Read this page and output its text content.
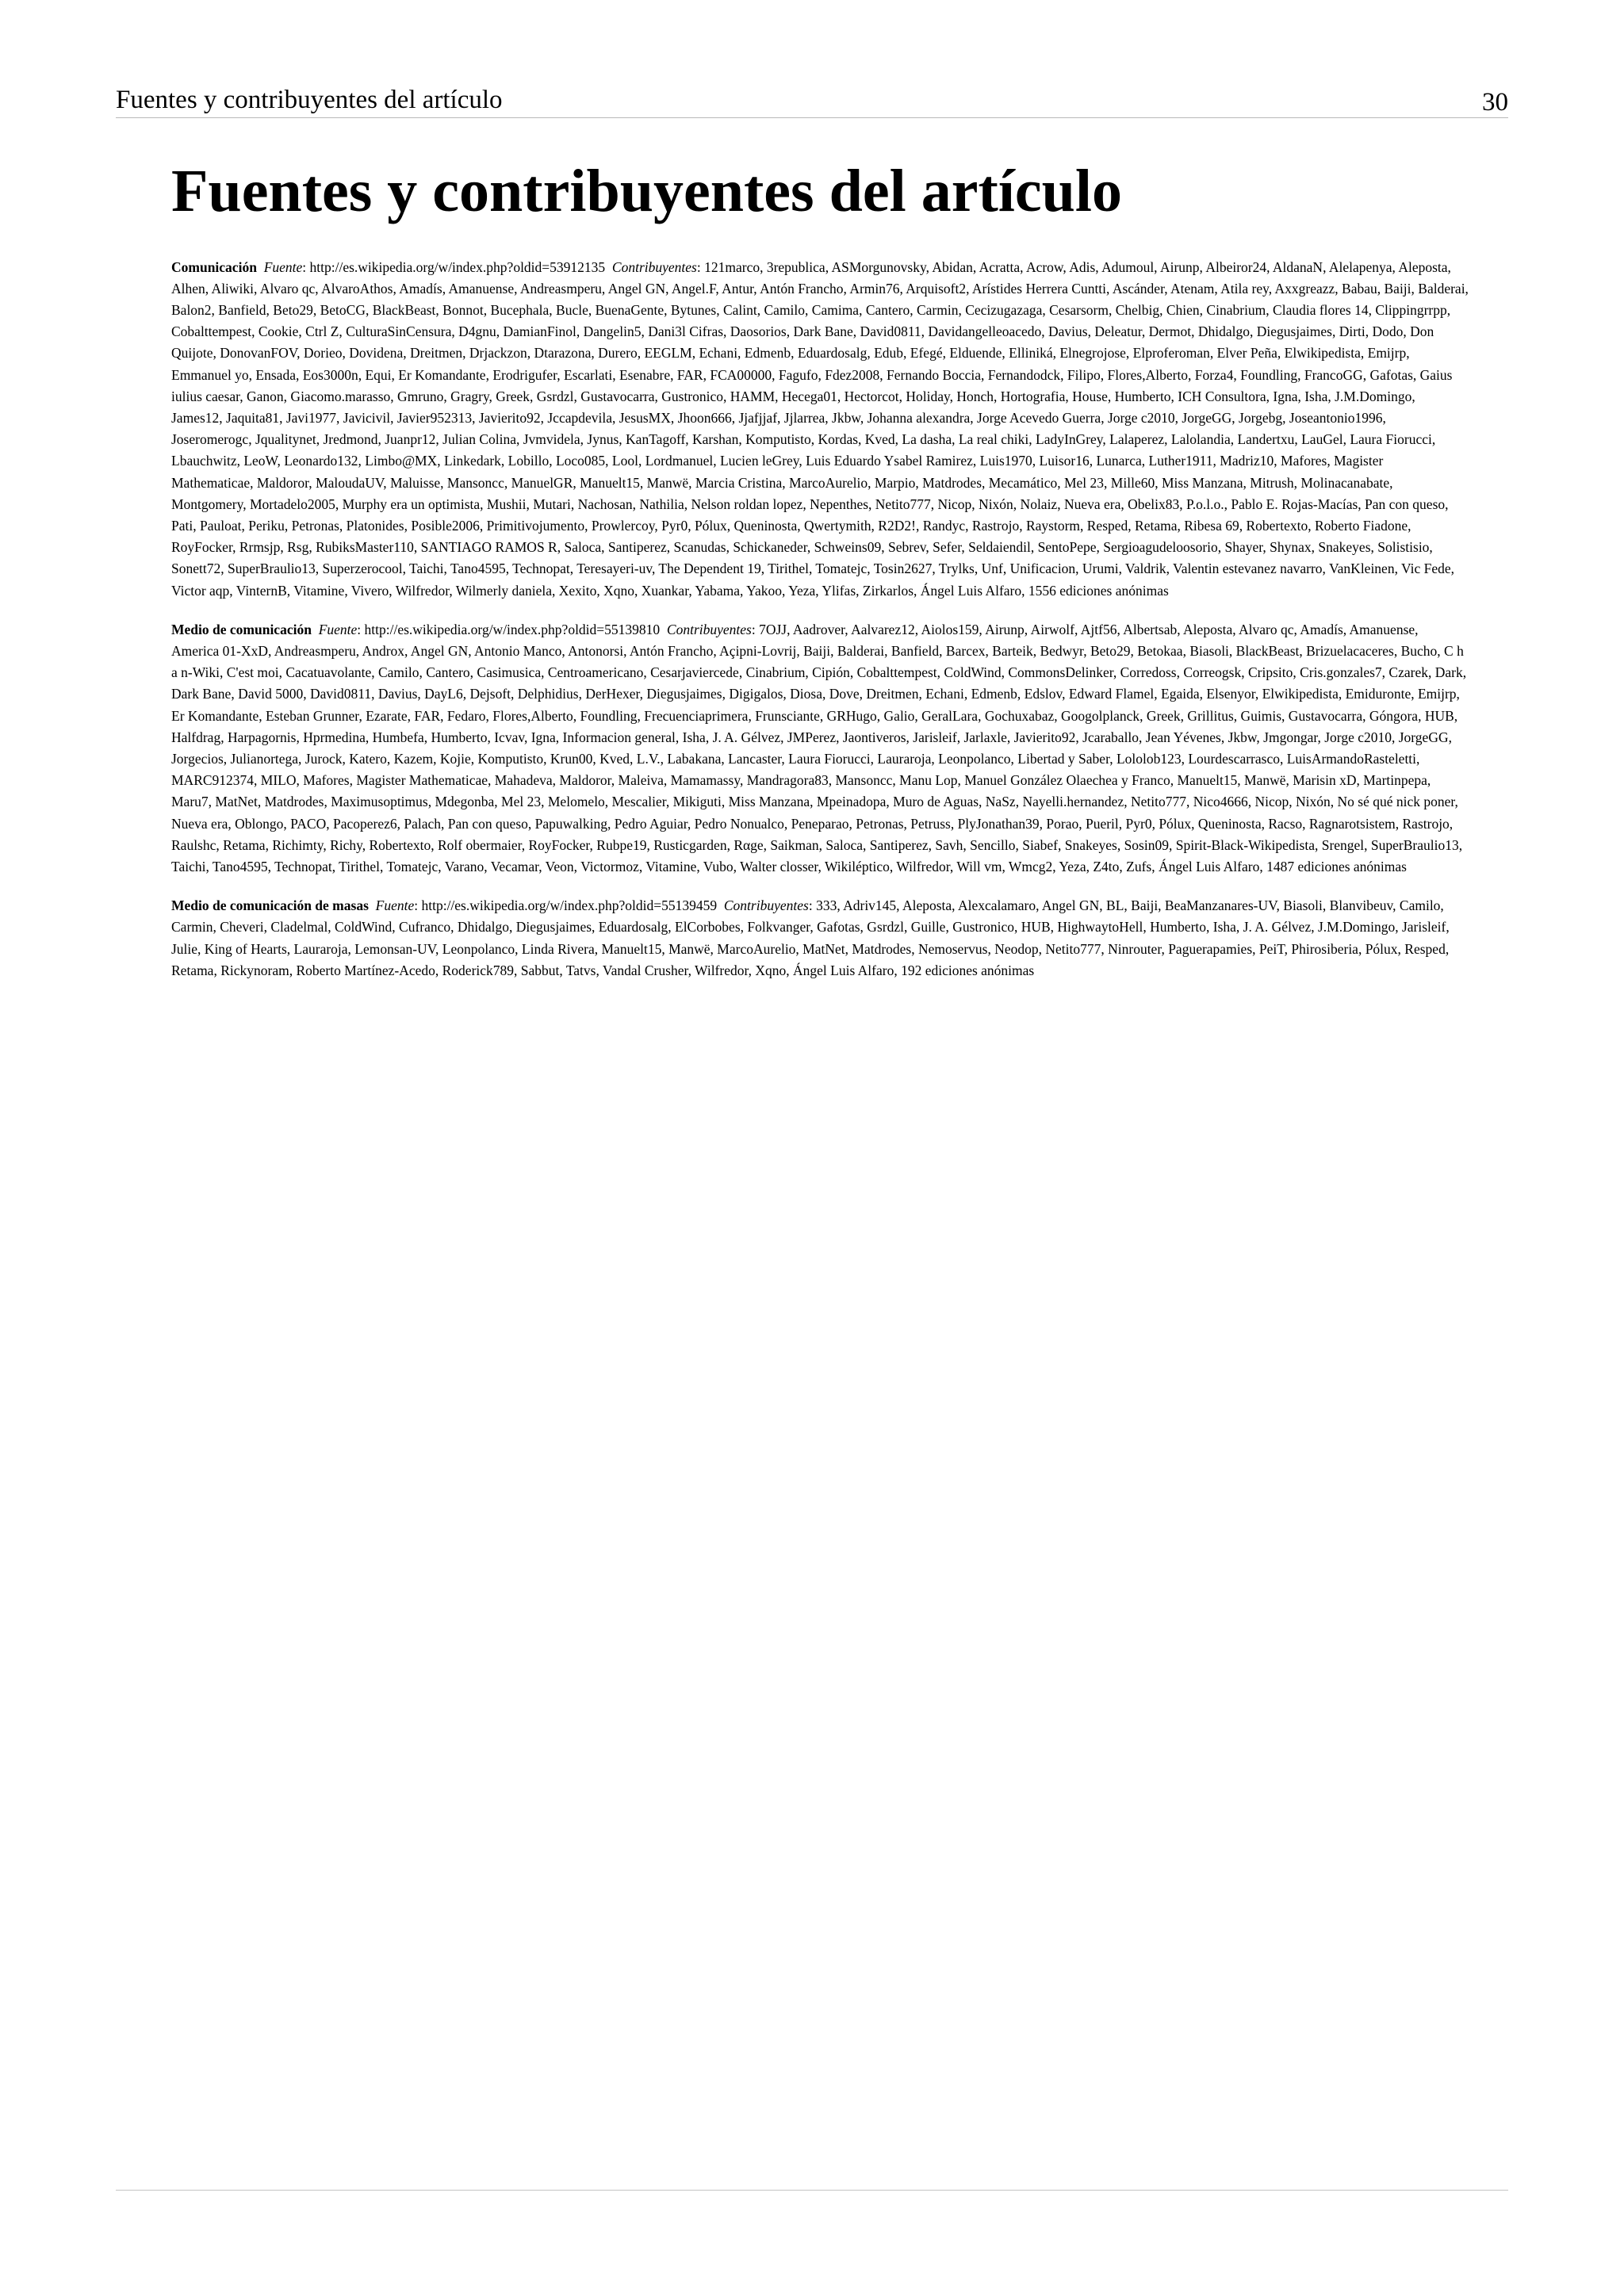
Fuentes y contribuyentes del artículo	30
Fuentes y contribuyentes del artículo

Comunicación Fuente: http://es.wikipedia.org/w/index.php?oldid=53912135 Contribuyentes: 121marco, 3republica, ASMorgunovsky, Abidan, Acratta, Acrow, Adis, Adumoul, Airunp, Albeiror24, AldanaN, Alelapenya, Aleposta, Alhen, Aliwiki, Alvaro qc, AlvaroAthos, Amadís, Amanuense, Andreasmperu, Angel GN, Angel.F, Antur, Antón Francho, Armin76, Arquisoft2, Arístides Herrera Cuntti, Ascánder, Atenam, Atila rey, Axxgreazz, Babau, Baiji, Balderai, Balon2, Banfield, Beto29, BetoCG, BlackBeast, Bonnot, Bucephala, Bucle, BuenaGente, Bytunes, Calint, Camilo, Camima, Cantero, Carmin, Cecizugazaga, Cesarsorm, Chelbig, Chien, Cinabrium, Claudia flores 14, Clippingrrpp, Cobalttempest, Cookie, Ctrl Z, CulturaSinCensura, D4gnu, DamianFinol, Dangelin5, Dani3l Cifras, Daosorios, Dark Bane, David0811, Davidangelleoacedo, Davius, Deleatur, Dermot, Dhidalgo, Diegusjaimes, Dirti, Dodo, Don Quijote, DonovanFOV, Dorieo, Dovidena, Dreitmen, Drjackzon, Dtarazona, Durero, EEGLM, Echani, Edmenb, Eduardosalg, Edub, Efegé, Elduende, Elliniká, Elnegrojose, Elproferoman, Elver Peña, Elwikipedista, Emijrp, Emmanuel yo, Ensada, Eos3000n, Equi, Er Komandante, Erodrigufer, Escarlati, Esenabre, FAR, FCA00000, Fagufo, Fdez2008, Fernando Boccia, Fernandodck, Filipo, Flores,Alberto, Forza4, Foundling, FrancoGG, Gafotas, Gaius iulius caesar, Ganon, Giacomo.marasso, Gmruno, Gragry, Greek, Gsrdzl, Gustavocarra, Gustronico, HAMM, Hecega01, Hectorcot, Holiday, Honch, Hortografia, House, Humberto, ICH Consultora, Igna, Isha, J.M.Domingo, James12, Jaquita81, Javi1977, Javicivil, Javier952313, Javierito92, Jccapdevila, JesusMX, Jhoon666, Jjafjjaf, Jjlarrea, Jkbw, Johanna alexandra, Jorge Acevedo Guerra, Jorge c2010, JorgeGG, Jorgebg, Joseantonio1996, Joseromerogc, Jqualitynet, Jredmond, Juanpr12, Julian Colina, Jvmvidela, Jynus, KanTagoff, Karshan, Komputisto, Kordas, Kved, La dasha, La real chiki, LadyInGrey, Lalaperez, Lalolandia, Landertxu, LauGel, Laura Fiorucci, Lbauchwitz, LeoW, Leonardo132, Limbo@MX, Linkedark, Lobillo, Loco085, Lool, Lordmanuel, Lucien leGrey, Luis Eduardo Ysabel Ramirez, Luis1970, Luisor16, Lunarca, Luther1911, Madriz10, Mafores, Magister Mathematicae, Maldoror, MaloudaUV, Maluisse, Mansoncc, ManuelGR, Manuelt15, Manwë, Marcia Cristina, MarcoAurelio, Marpio, Matdrodes, Mecamático, Mel 23, Mille60, Miss Manzana, Mitrush, Molinacanabate, Montgomery, Mortadelo2005, Murphy era un optimista, Mushii, Mutari, Nachosan, Nathilia, Nelson roldan lopez, Nepenthes, Netito777, Nicop, Nixón, Nolaiz, Nueva era, Obelix83, P.o.l.o., Pablo E. Rojas-Macías, Pan con queso, Pati, Pauloat, Periku, Petronas, Platonides, Posible2006, Primitivojumento, Prowlercoy, Pyr0, Pólux, Queninosta, Qwertymith, R2D2!, Randyc, Rastrojo, Raystorm, Resped, Retama, Ribesa 69, Robertexto, Roberto Fiadone, RoyFocker, Rrmsjp, Rsg, RubiksMaster110, SANTIAGO RAMOS R, Saloca, Santiperez, Scanudas, Schickaneder, Schweins09, Sebrev, Sefer, Seldaiendil, SentoPepe, Sergioagudeloosorio, Shayer, Shynax, Snakeyes, Solistisio, Sonett72, SuperBraulio13, Superzerocool, Taichi, Tano4595, Technopat, Teresayeri-uv, The Dependent 19, Tirithel, Tomatejc, Tosin2627, Trylks, Unf, Unificacion, Urumi, Valdrik, Valentin estevanez navarro, VanKleinen, Vic Fede, Victor aqp, VinternB, Vitamine, Vivero, Wilfredor, Wilmerly daniela, Xexito, Xqno, Xuankar, Yabama, Yakoo, Yeza, Ylifas, Zirkarlos, Ángel Luis Alfaro, 1556 ediciones anónimas

Medio de comunicación Fuente: http://es.wikipedia.org/w/index.php?oldid=55139810 Contribuyentes: 7OJJ, Aadrover, Aalvarez12, Aiolos159, Airunp, Airwolf, Ajtf56, Albertsab, Aleposta, Alvaro qc, Amadís, Amanuense, America 01-XxD, Andreasmperu, Androx, Angel GN, Antonio Manco, Antonorsi, Antón Francho, Açipni-Lovrij, Baiji, Balderai, Banfield, Barcex, Barteik, Bedwyr, Beto29, Betokaa, Biasoli, BlackBeast, Brizuelacaceres, Bucho, C h a n-Wiki, C'est moi, Cacatuavolante, Camilo, Cantero, Casimusica, Centroamericano, Cesarjaviercede, Cinabrium, Cipión, Cobalttempest, ColdWind, CommonsDelinker, Corredoss, Correogsk, Cripsito, Cris.gonzales7, Czarek, Dark, Dark Bane, David 5000, David0811, Davius, DayL6, Dejsoft, Delphidius, DerHexer, Diegusjaimes, Digigalos, Diosa, Dove, Dreitmen, Echani, Edmenb, Edslov, Edward Flamel, Egaida, Elsenyor, Elwikipedista, Emiduronte, Emijrp, Er Komandante, Esteban Grunner, Ezarate, FAR, Fedaro, Flores,Alberto, Foundling, Frecuenciaprimera, Frunsciante, GRHugo, Galio, GeralLara, Gochuxabaz, Googolplanck, Greek, Grillitus, Guimis, Gustavocarra, Góngora, HUB, Halfdrag, Harpagornis, Hprmedina, Humbefa, Humberto, Icvav, Igna, Informacion general, Isha, J. A. Gélvez, JMPerez, Jaontiveros, Jarisleif, Jarlaxle, Javierito92, Jcaraballo, Jean Yévenes, Jkbw, Jmgongar, Jorge c2010, JorgeGG, Jorgecios, Julianortega, Jurock, Katero, Kazem, Kojie, Komputisto, Krun00, Kved, L.V., Labakana, Lancaster, Laura Fiorucci, Lauraroja, Leonpolanco, Libertad y Saber, Lololob123, Lourdescarrasco, LuisArmandoRasteletti, MARC912374, MILO, Mafores, Magister Mathematicae, Mahadeva, Maldoror, Maleiva, Mamamassy, Mandragora83, Mansoncc, Manu Lop, Manuel González Olaechea y Franco, Manuelt15, Manwë, Marisin xD, Martinpepa, Maru7, MatNet, Matdrodes, Maximusoptimus, Mdegonba, Mel 23, Melomelo, Mescalier, Mikiguti, Miss Manzana, Mpeinadopa, Muro de Aguas, NaSz, Nayelli.hernandez, Netito777, Nico4666, Nicop, Nixón, No sé qué nick poner, Nueva era, Oblongo, PACO, Pacoperez6, Palach, Pan con queso, Papuwalking, Pedro Aguiar, Pedro Nonualco, Peneparao, Petronas, Petruss, PlyJonathan39, Porao, Pueril, Pyr0, Pólux, Queninosta, Racso, Ragnarotsistem, Rastrojo, Raulshc, Retama, Richimty, Richy, Robertexto, Rolf obermaier, RoyFocker, Rubpe19, Rusticgarden, Rαge, Saikman, Saloca, Santiperez, Savh, Sencillo, Siabef, Snakeyes, Sosin09, Spirit-Black-Wikipedista, Srengel, SuperBraulio13, Taichi, Tano4595, Technopat, Tirithel, Tomatejc, Varano, Vecamar, Veon, Victormoz, Vitamine, Vubo, Walter closser, Wikiléptico, Wilfredor, Will vm, Wmcg2, Yeza, Z4to, Zufs, Ángel Luis Alfaro, 1487 ediciones anónimas

Medio de comunicación de masas Fuente: http://es.wikipedia.org/w/index.php?oldid=55139459 Contribuyentes: 333, Adriv145, Aleposta, Alexcalamaro, Angel GN, BL, Baiji, BeaManzanares-UV, Biasoli, Blanvibeuv, Camilo, Carmin, Cheveri, Cladelmal, ColdWind, Cufranco, Dhidalgo, Diegusjaimes, Eduardosalg, ElCorbobes, Folkvanger, Gafotas, Gsrdzl, Guille, Gustronico, HUB, HighwaytoHell, Humberto, Isha, J. A. Gélvez, J.M.Domingo, Jarisleif, Julie, King of Hearts, Lauraroja, Lemonsan-UV, Leonpolanco, Linda Rivera, Manuelt15, Manwë, MarcoAurelio, MatNet, Matdrodes, Nemoservus, Neodop, Netito777, Ninrouter, Paguerapamies, PeiT, Phirosiberia, Pólux, Resped, Retama, Rickynoram, Roberto Martínez-Acedo, Roderick789, Sabbut, Tatvs, Vandal Crusher, Wilfredor, Xqno, Ángel Luis Alfaro, 192 ediciones anónimas
